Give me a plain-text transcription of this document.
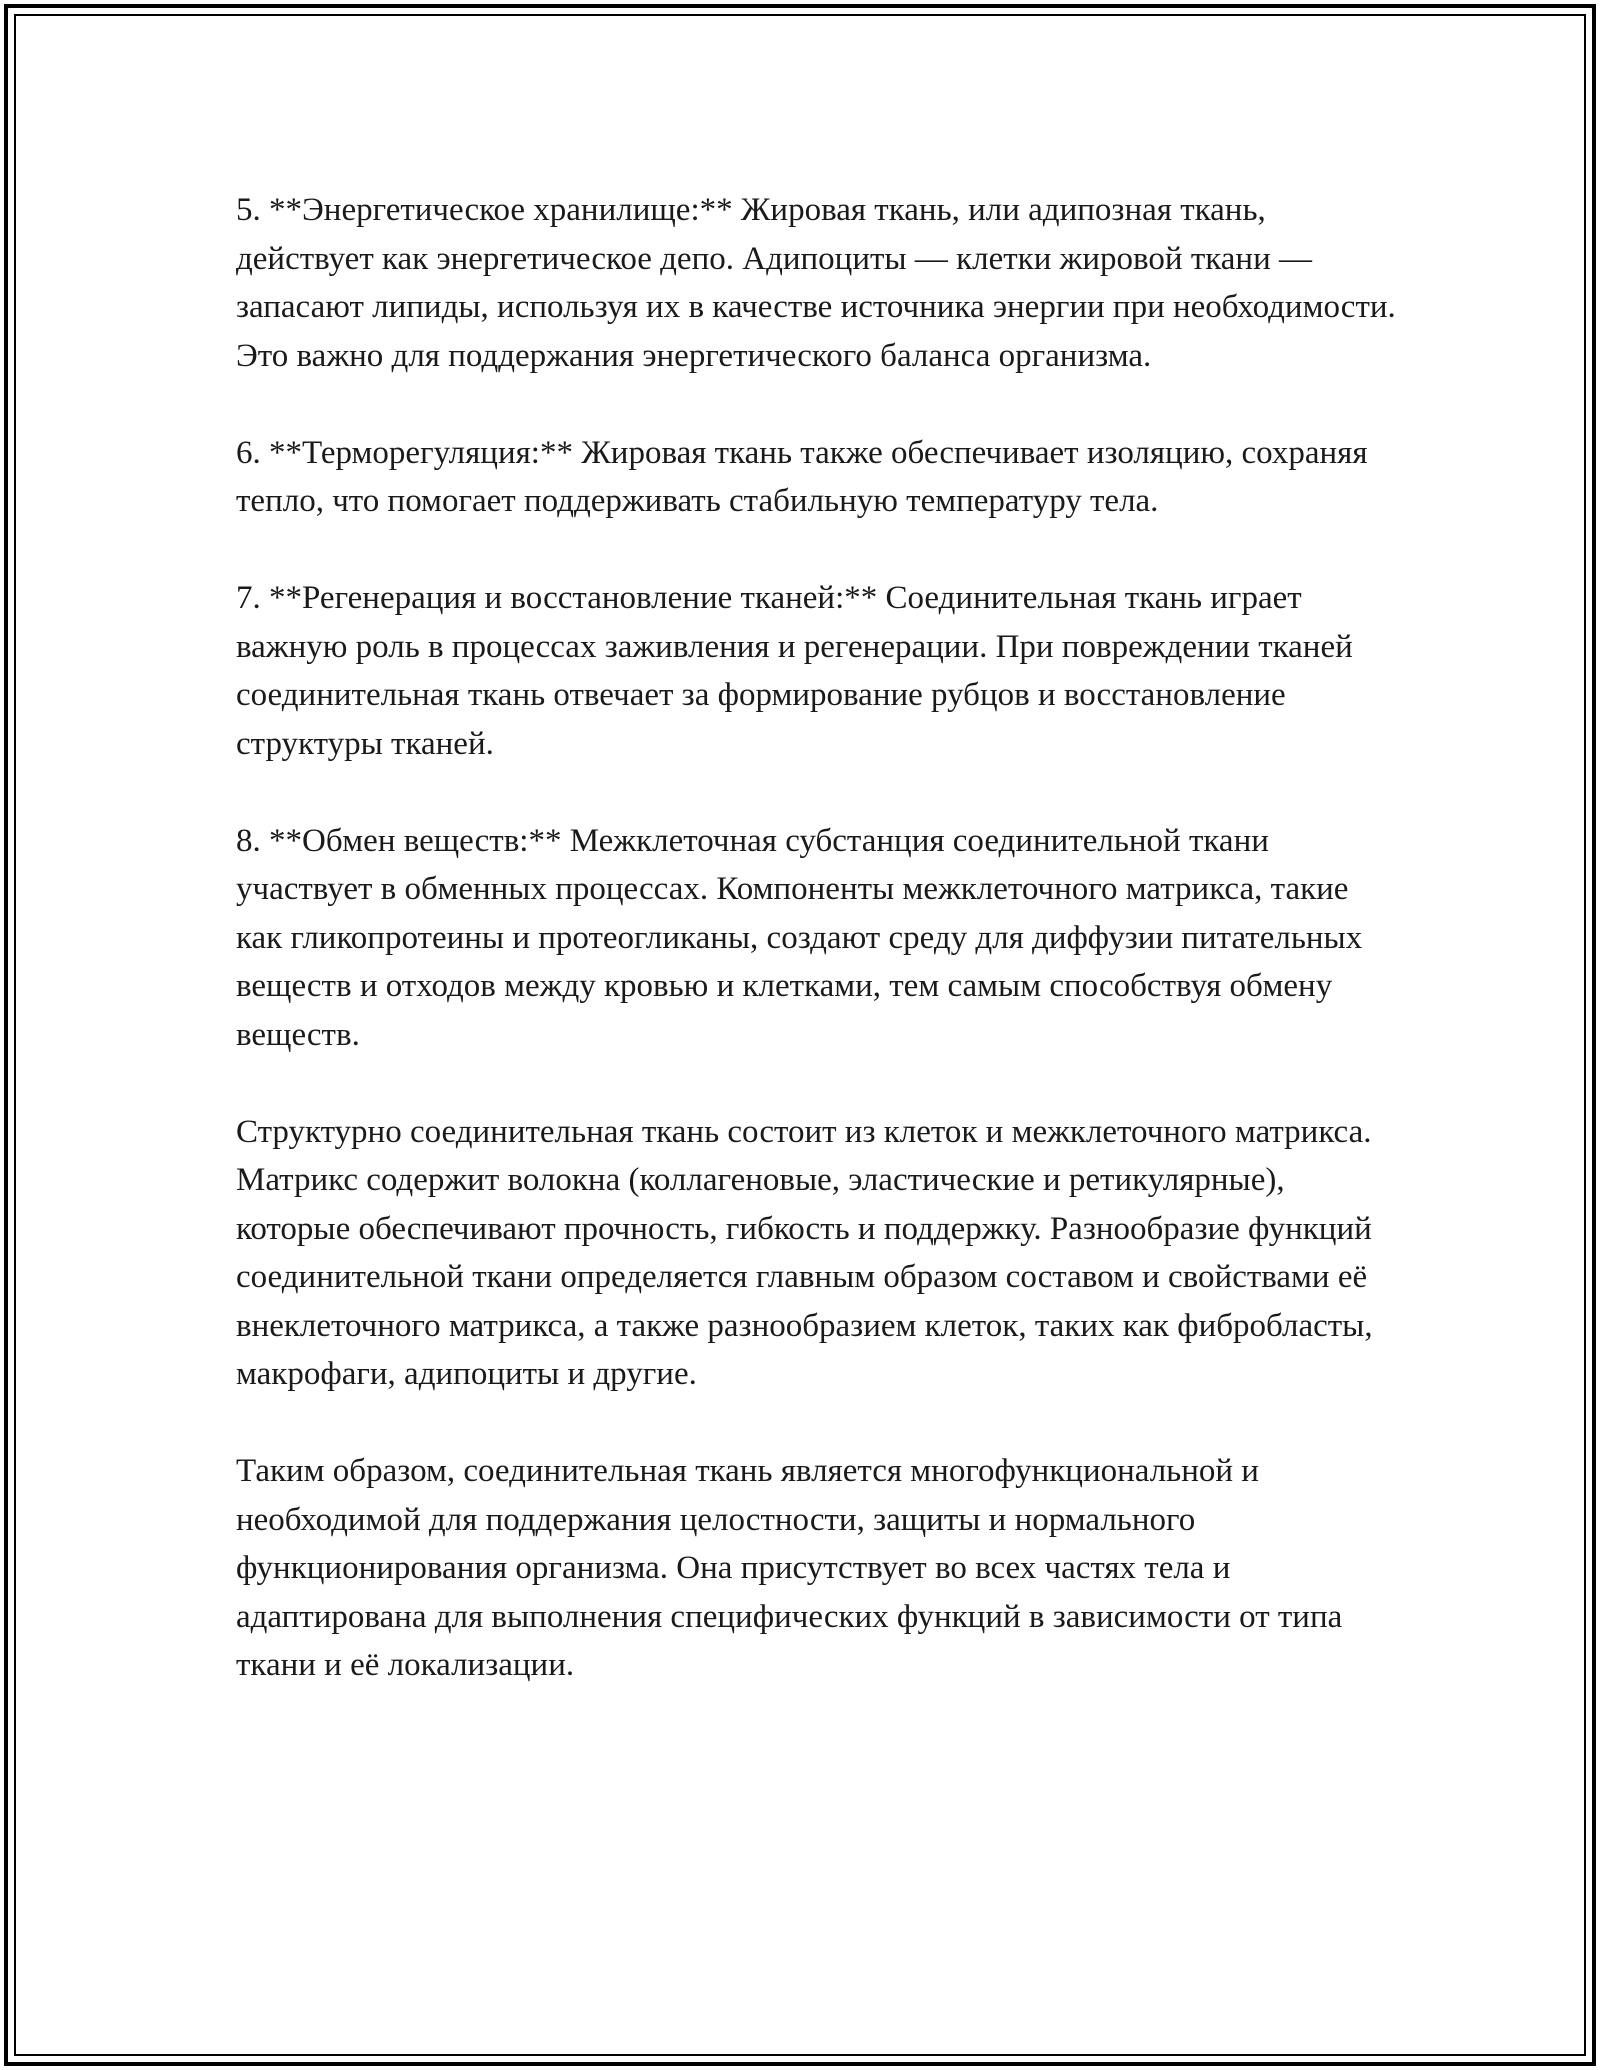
5. **Энергетическое хранилище:** Жировая ткань, или адипозная ткань, действует как энергетическое депо. Адипоциты — клетки жировой ткани — запасают липиды, используя их в качестве источника энергии при необходимости. Это важно для поддержания энергетического баланса организма.

6. **Терморегуляция:** Жировая ткань также обеспечивает изоляцию, сохраняя тепло, что помогает поддерживать стабильную температуру тела.

7. **Регенерация и восстановление тканей:** Соединительная ткань играет важную роль в процессах заживления и регенерации. При повреждении тканей соединительная ткань отвечает за формирование рубцов и восстановление структуры тканей.

8. **Обмен веществ:** Межклеточная субстанция соединительной ткани участвует в обменных процессах. Компоненты межклеточного матрикса, такие как гликопротеины и протеогликаны, создают среду для диффузии питательных веществ и отходов между кровью и клетками, тем самым способствуя обмену веществ.

Структурно соединительная ткань состоит из клеток и межклеточного матрикса. Матрикс содержит волокна (коллагеновые, эластические и ретикулярные), которые обеспечивают прочность, гибкость и поддержку. Разнообразие функций соединительной ткани определяется главным образом составом и свойствами её внеклеточного матрикса, а также разнообразием клеток, таких как фибробласты, макрофаги, адипоциты и другие.

Таким образом, соединительная ткань является многофункциональной и необходимой для поддержания целостности, защиты и нормального функционирования организма. Она присутствует во всех частях тела и адаптирована для выполнения специфических функций в зависимости от типа ткани и её локализации.
